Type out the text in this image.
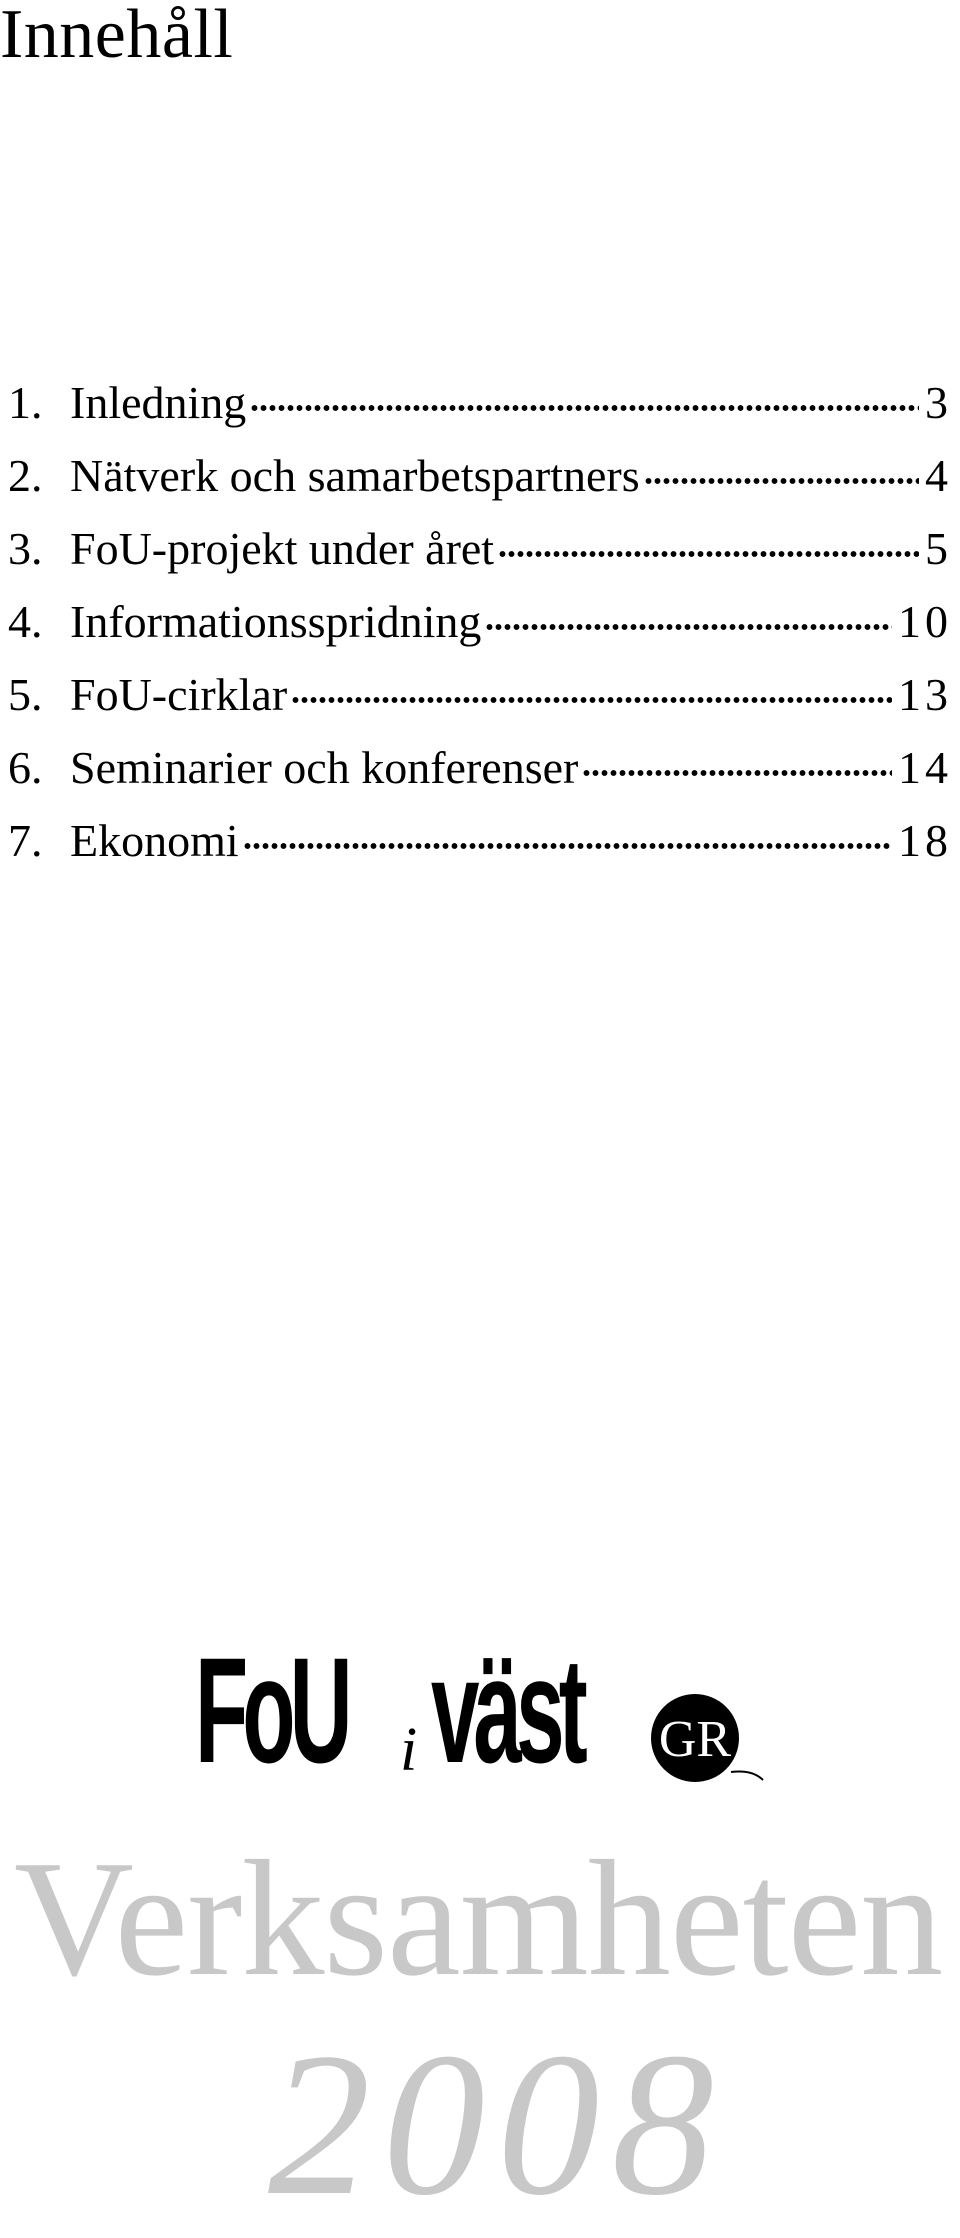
Innehåll
1. Inledning	3
2. Nätverk och samarbetspartners	4
3. FoU-projekt under året	5
4. Informationsspridning	10
5. FoU-cirklar	13
6. Seminarier och konferenser	14
7. Ekonomi	18
FoU i väst GR
Verksamheten
2008
